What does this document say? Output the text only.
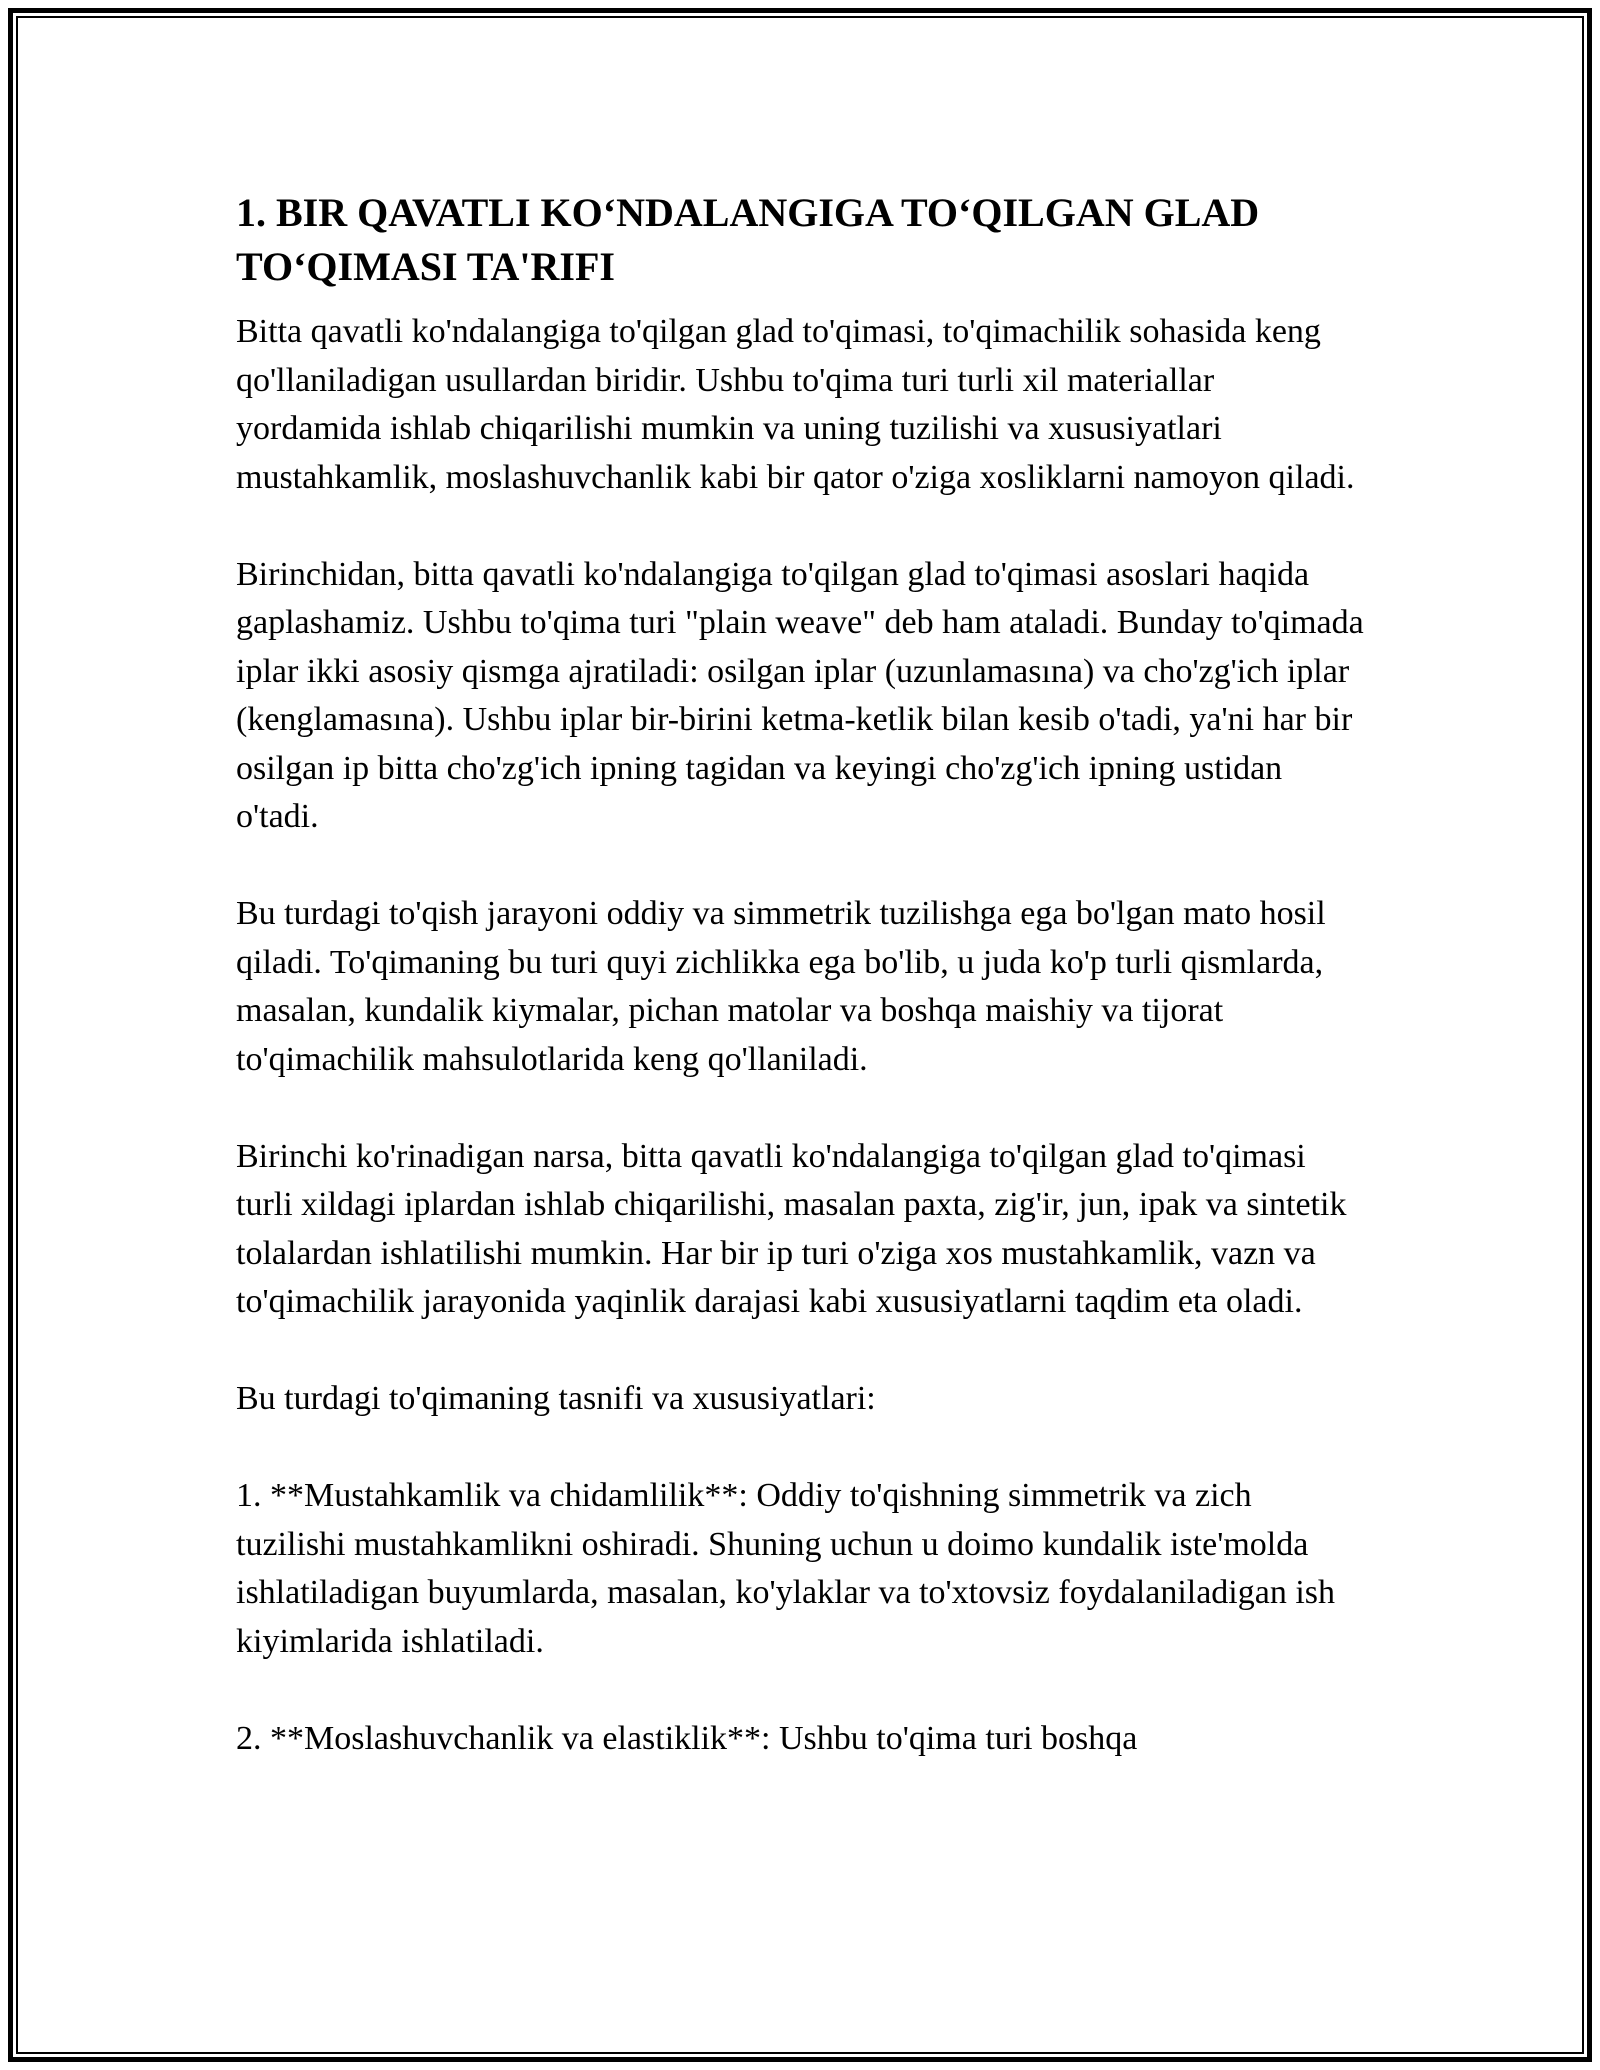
1. BIR QAVATLI KO‘NDALANGIGA TO‘QILGAN GLAD TO‘QIMASI TA'RIFI

Bitta qavatli ko'ndalangiga to'qilgan glad to'qimasi, to'qimachilik sohasida keng qo'llaniladigan usullardan biridir. Ushbu to'qima turi turli xil materiallar yordamida ishlab chiqarilishi mumkin va uning tuzilishi va xususiyatlari mustahkamlik, moslashuvchanlik kabi bir qator o'ziga xosliklarni namoyon qiladi.

Birinchidan, bitta qavatli ko'ndalangiga to'qilgan glad to'qimasi asoslari haqida gaplashamiz. Ushbu to'qima turi "plain weave" deb ham ataladi. Bunday to'qimada iplar ikki asosiy qismga ajratiladi: osilgan iplar (uzunlamasına) va cho'zg'ich iplar (kenglamasına). Ushbu iplar bir-birini ketma-ketlik bilan kesib o'tadi, ya'ni har bir osilgan ip bitta cho'zg'ich ipning tagidan va keyingi cho'zg'ich ipning ustidan o'tadi.

Bu turdagi to'qish jarayoni oddiy va simmetrik tuzilishga ega bo'lgan mato hosil qiladi. To'qimaning bu turi quyi zichlikka ega bo'lib, u juda ko'p turli qismlarda, masalan, kundalik kiymalar, pichan matolar va boshqa maishiy va tijorat to'qimachilik mahsulotlarida keng qo'llaniladi.

Birinchi ko'rinadigan narsa, bitta qavatli ko'ndalangiga to'qilgan glad to'qimasi turli xildagi iplardan ishlab chiqarilishi, masalan paxta, zig'ir, jun, ipak va sintetik tolalardan ishlatilishi mumkin. Har bir ip turi o'ziga xos mustahkamlik, vazn va to'qimachilik jarayonida yaqinlik darajasi kabi xususiyatlarni taqdim eta oladi.

Bu turdagi to'qimaning tasnifi va xususiyatlari:

1. **Mustahkamlik va chidamlilik**: Oddiy to'qishning simmetrik va zich tuzilishi mustahkamlikni oshiradi. Shuning uchun u doimo kundalik iste'molda ishlatiladigan buyumlarda, masalan, ko'ylaklar va to'xtovsiz foydalaniladigan ish kiyimlarida ishlatiladi.

2. **Moslashuvchanlik va elastiklik**: Ushbu to'qima turi boshqa
